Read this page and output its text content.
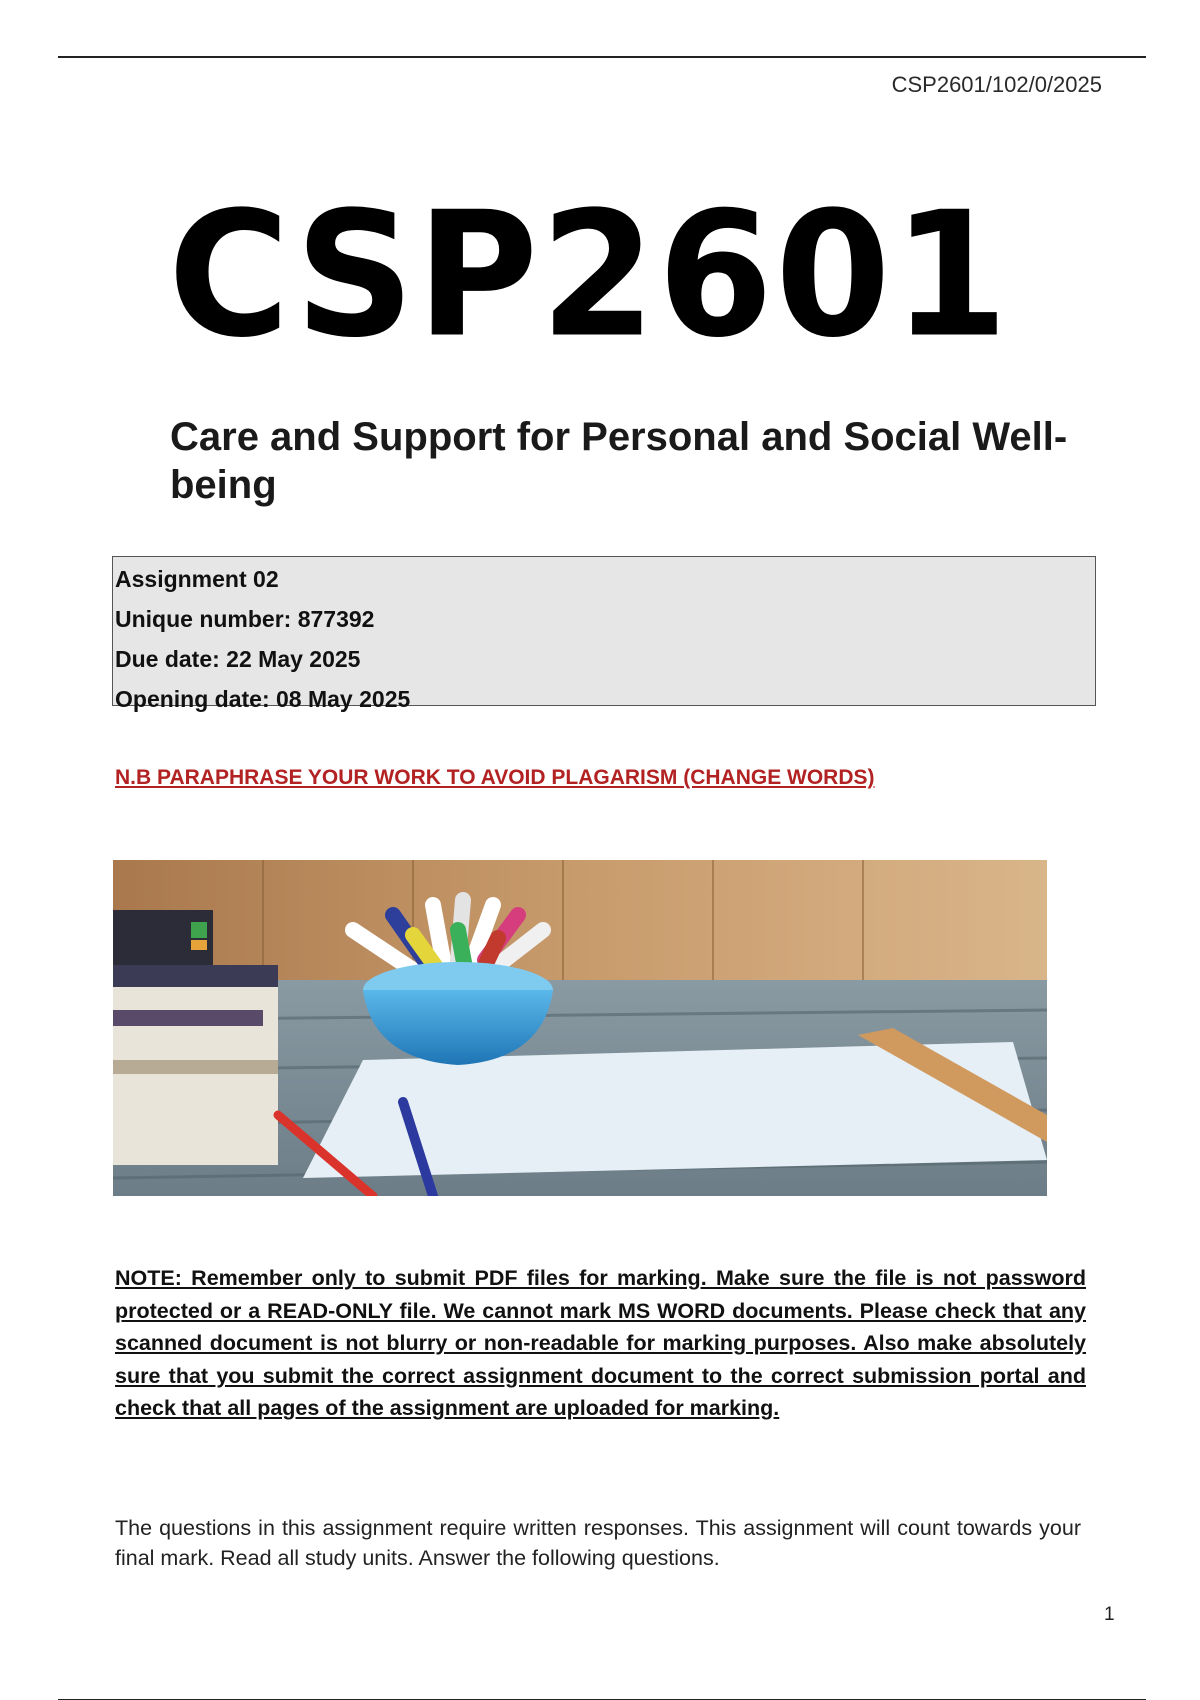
CSP2601/102/0/2025
CSP2601
Care and Support for Personal and Social Well-being
Assignment 02
Unique number: 877392
Due date: 22 May 2025
Opening date: 08 May 2025
N.B PARAPHRASE YOUR WORK TO AVOID PLAGARISM (CHANGE WORDS)
NOTE: Remember only to submit PDF files for marking. Make sure the file is not password protected or a READ-ONLY file. We cannot mark MS WORD documents. Please check that any scanned document is not blurry or non-readable for marking purposes. Also make absolutely sure that you submit the correct assignment document to the correct submission portal and check that all pages of the assignment are uploaded for marking.
The questions in this assignment require written responses. This assignment will count towards your final mark. Read all study units. Answer the following questions.
1
